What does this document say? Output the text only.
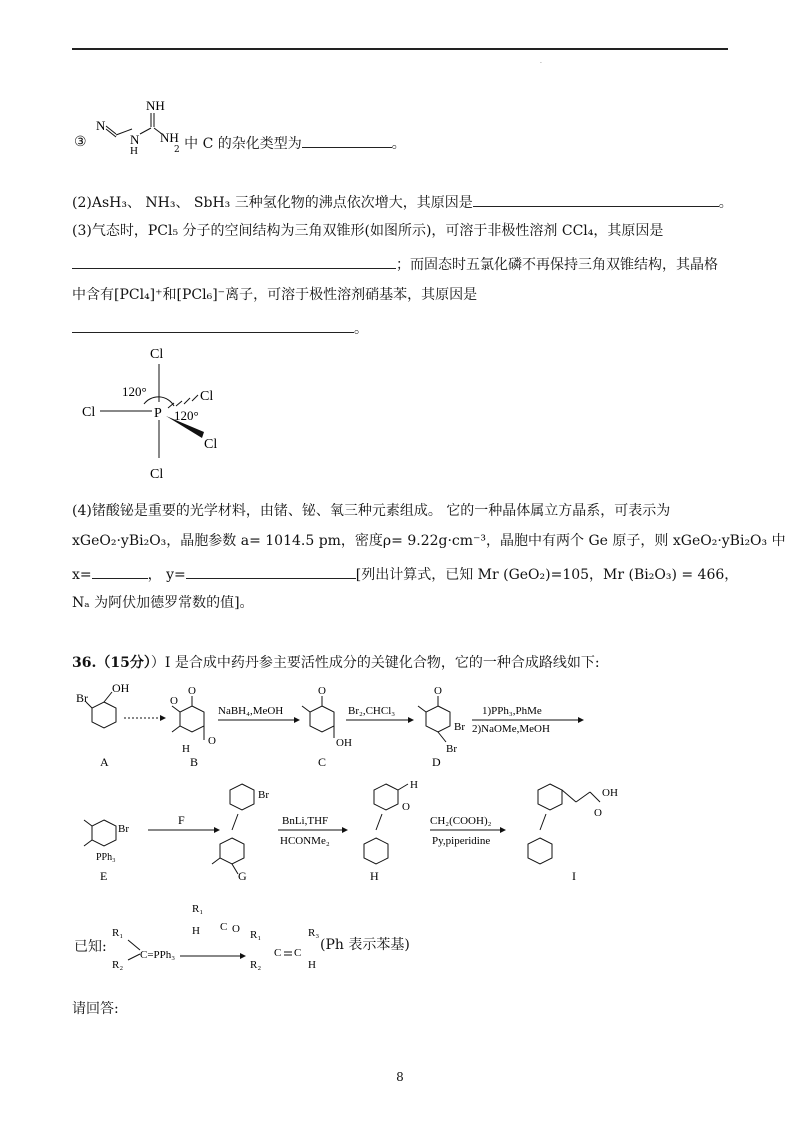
·
③
NH
N
N
H
NH
$_2$ 中 C 的杂化类型为	。
(2)AsH₃、 NH₃、 SbH₃ 三种氢化物的沸点依次增大，其原因是	。
(3)气态时，PCl₅ 分子的空间结构为三角双锥形(如图所示)，可溶于非极性溶剂 CCl₄，其原因是
；而固态时五氯化磷不再保持三角双锥结构，其晶格
中含有[PCl₄]⁺和[PCl₆]⁻离子，可溶于极性溶剂硝基苯，其原因是
。
Cl
P
Cl
Cl
Cl
Cl
120°
120°
(4)锗酸铋是重要的光学材料，由锗、铋、氧三种元素组成。 它的一种晶体属立方晶系，可表示为
xGeO₂·yBi₂O₃，晶胞参数 a= 1014.5 pm，密度ρ= 9.22g·cm⁻³，晶胞中有两个 Ge 原子，则 xGeO₂·yBi₂O₃ 中
x=	， y=	[列出计算式，已知 Mr (GeO₂)=105，Mr (Bi₂O₃) = 466，
Nₐ 为阿伏加德罗常数的值]。
36.（15分））I 是合成中药丹参主要活性成分的关键化合物，它的一种合成路线如下:
OH
Br
A
O
O
H
O
B
NaBH₄,MeOH
O
OH
C
Br₂,CHCl₃
O
Br
Br
D
1)PPh₃,PhMe
2)NaOMe,MeOH
Br
PPh₃
E
F
Br
G
BnLi,THF
HCONMe₂
H
O
H
CH₂(COOH)₂
Py,piperidine
OH
O
I
已知:
R₁
R₂
C=PPh₃
R₁
H C O R₁
R₂
C C
R₃
H
(Ph 表示苯基)
请回答:
8
